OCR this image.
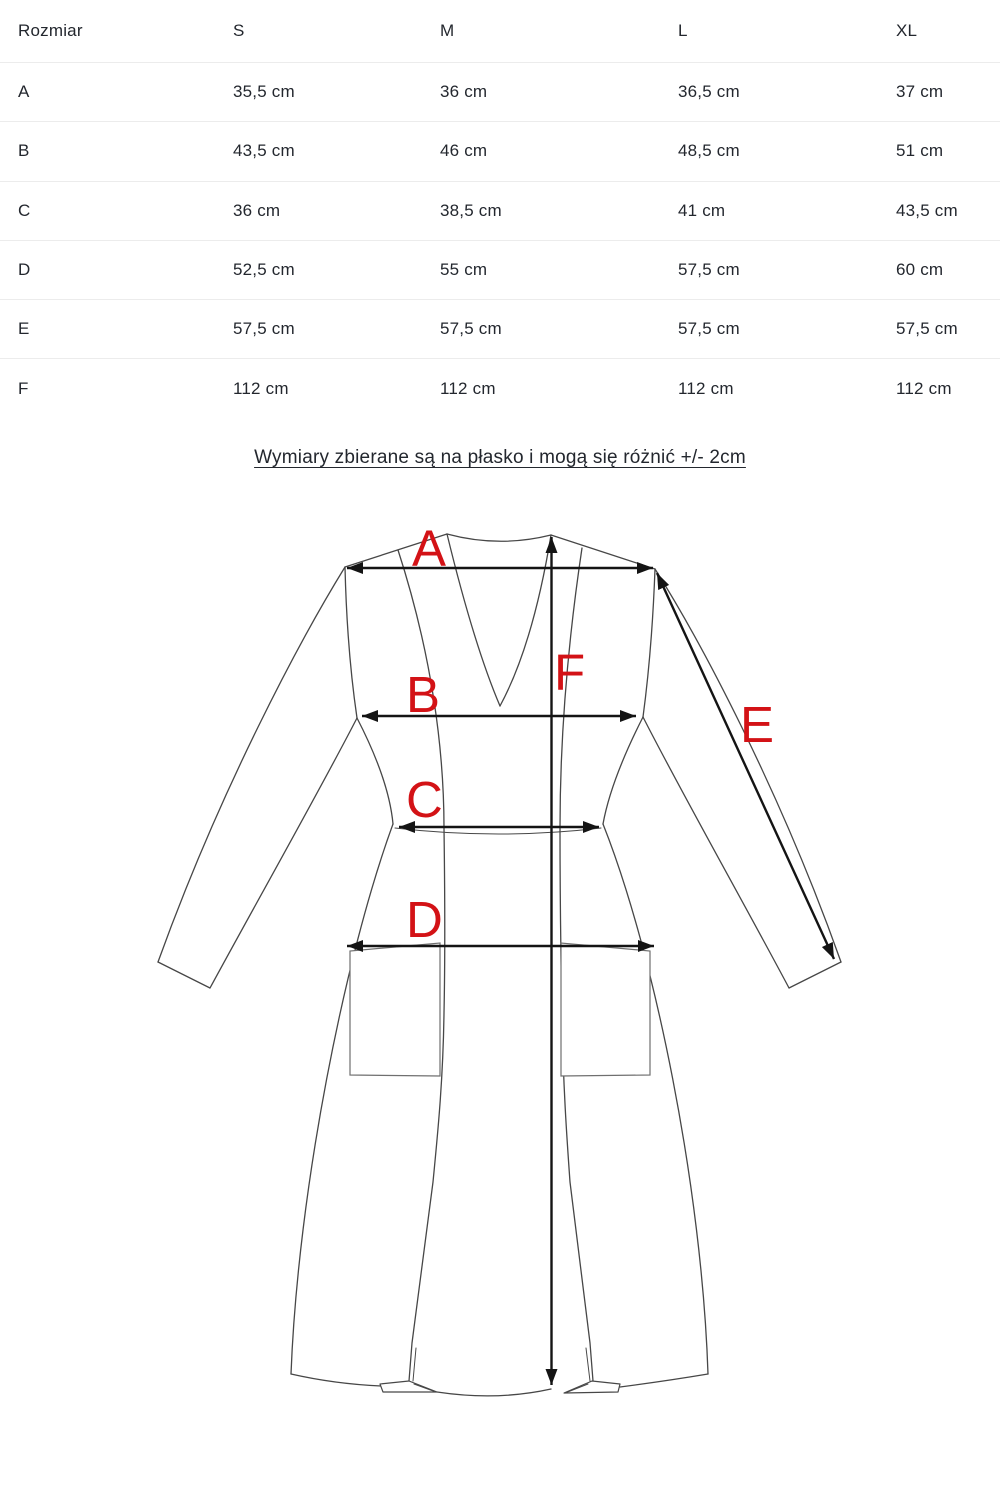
Rozmiar	S	M	L	XL
A	35,5 cm	36 cm	36,5 cm	37 cm
B	43,5 cm	46 cm	48,5 cm	51 cm
C	36 cm	38,5 cm	41 cm	43,5 cm
D	52,5 cm	55 cm	57,5 cm	60 cm
E	57,5 cm	57,5 cm	57,5 cm	57,5 cm
F	112 cm	112 cm	112 cm	112 cm
Wymiary zbierane są na płasko i mogą się różnić +/- 2cm
A
B
C
D
E
F
